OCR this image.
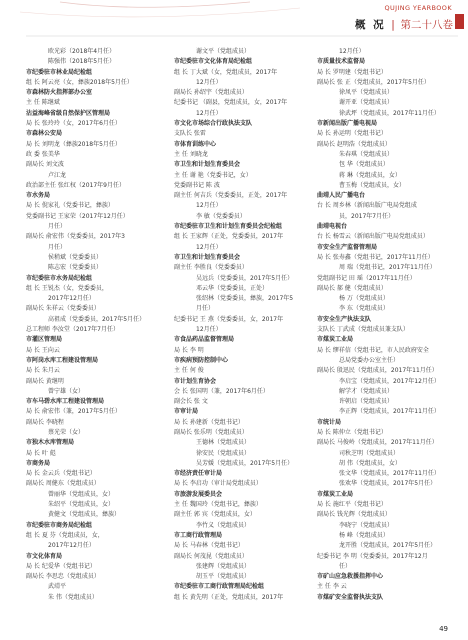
QUJING YEARBOOK
概 况 | 第二十八卷
欧光彩（2018年4月任）
陈强伟（2018年5月任）
市纪委驻市林业局纪检组
组 长 阿云亮（女，彝族2018年5月任）
市森林防火指挥部办公室
主 任 陈继斌
沾益海峰省级自然保护区管理局
局 长 张玲玲（女，2017年6月任）
市森林公安局
局 长 刘明龙（彝族2018年5月任）
政 委 张美华
副局长 刘文波
卢江龙
政治部主任 张红权（2017年9月任）
市水务局
局 长 倪家礼（党委书记，彝族）
党委副书记 王家荣（2017年12月任）
月任）
副局长 俞宏伟（党委委员，2017年3
月任）
侯稍斌（党委委员）
陈志宏（党委委员）
市纪委驻市水务局纪检组
组 长 王锐杰（女，党委委员，
2017年12月任）
副局长 朱祥云（党委委员）
高祖成（党委委员，2017年5月任）
总工程师 李汝堂（2017年7月任）
市灌区管理局
局 长 王向云
市阿岗水库工程建设管理局
局 长 朱月云
副局长 黄继明
曾宁雄（女）
市车马碧水库工程建设管理局
局 长 俞宏伟（兼，2017年5月任）
副局长 李晓程
蔡光荣（女）
市独木水库管理局
局 长 叶 彪
市商务局
局 长 金云兵（党组书记）
副局长 周健东（党组成员）
曾丽华（党组成员，女）
朱绍平（党组成员，女）
黄健文（党组成员，彝族）
市纪委驻市商务局纪检组
组 长 夏 芬（党组成员，女，
2017年12月任）
市文化体育局
局 长 纪爱华（党组书记）
副局长 李思忠（党组成员）
武靖平
朱 伟（党组成员）
谢文平（党组成员）
市纪委驻市文化体育局纪检组
组 长 丁大斌（女，党组成员，2017年
12月任）
副局长 孙绍宇（党组成员）
纪委书记 （副县，党组成员，女，2017年
12月任）
市文化市场综合行政执法支队
支队长 张雷
市体育训练中心
主 任 刘晓龙
市卫生和计划生育委员会
主 任 谢 艳（党委书记，女）
党委副书记 陈 波
副主任 何吉兵（党委委员，正处，2017年
12月任）
李 敏（党委委员）
市纪委驻市卫生和计划生育委员会纪检组
组 长 王家辉（正处，党委委员，2017年
12月任）
市卫生和计划生育委员会
副主任 李胜良（党委委员）
吴远兵（党委委员，2017年5月任）
邓云华（党委委员，正处）
张绍林（党委委员，彝族，2017年5
月任）
纪委书记 王 燕（党委委员，女，2017年
12月任）
市食品药品监督管理局
局 长 李 明
市疾病预防控制中心
主 任 何 俊
市计划生育协会
会 长 张国明（兼，2017年6月任）
副会长 张 文
市审计局
局 长 孙建新（党组书记）
副局长 张乐明（党组成员）
王德林（党组成员）
徐安民（党组成员）
吴芳媛（党组成员，2017年5月任）
市经济责任审计局
局 长 李启功（审计局党组成员）
市旅游发展委员会
主 任 魏国玲（党组书记，彝族）
副主任 郭 宾（党组成员，女）
李竹义（党组成员）
市工商行政管理局
局 长 马春林（党组书记）
副局长 何茂昆（党组成员）
张建辉（党组成员）
胡玉平（党组成员）
市纪委驻市工商行政管理局纪检组
组 长 黄先明（正处，党组成员，2017年
12月任）
市质量技术监督局
局 长 罗明建（党组书记）
副局长 张 正（党组成员，2017年5月任）
徐凤平（党组成员）
谢开亚（党组成员）
徐武坪（党组成员，2017年11月任）
市新闻出版广播电视局
局 长 孙运明（党组书记）
副局长 赵明浩（党组成员）
朱春琪（党组成员）
包 华（党组成员）
蒋 琳（党组成员，女）
曹玉梅（党组成员，女）
曲靖人民广播电台
台 长 周乡林（新闻出版广电局党组成
员，2017年7月任）
曲靖电视台
台 长 杨雪云（新闻出版广电局党组成员）
市安全生产监督管理局
局 长 张寿鑫（党组书记，2017年11月任）
周 瑞（党组书记，2017年11月任）
党组副书记 田 瑶（2017年11月任）
副局长 郝 健（党组成员）
杨 万（党组成员）
李 东（党组成员）
市安全生产执法支队
支队长 丁武成（党组成员兼支队）
市煤炭工业局
局 长 缪祥信（党组书记，市人民政府安全
总局党委办公室主任）
副局长 殷迅民（党组成员，2017年11月任）
李启宝（党组成员，2017年12月任）
解学才（党组成员）
许朝启（党组成员）
李正辉（党组成员，2017年11月任）
市统计局
局 长 陈仲立（党组书记）
副局长 马俊岭（党组成员，2017年11月任）
司秋芝明（党组成员）
胡 伟（党组成员，女）
张文华（党组成员，2017年11月任）
张欢华（党组成员，2017年5月任）
市煤炭工业局
局 长 施红平（党组书记）
副局长 钱光辉（党组成员）
李晓宁（党组成员）
杨 峰（党组成员）
龙开胜（党组成员，2017年5月任）
纪委书记 李 明（党委委员，2017年12月
任）
市矿山应急救援指挥中心
主 任 李 云
市煤矿安全监督执法支队
49
